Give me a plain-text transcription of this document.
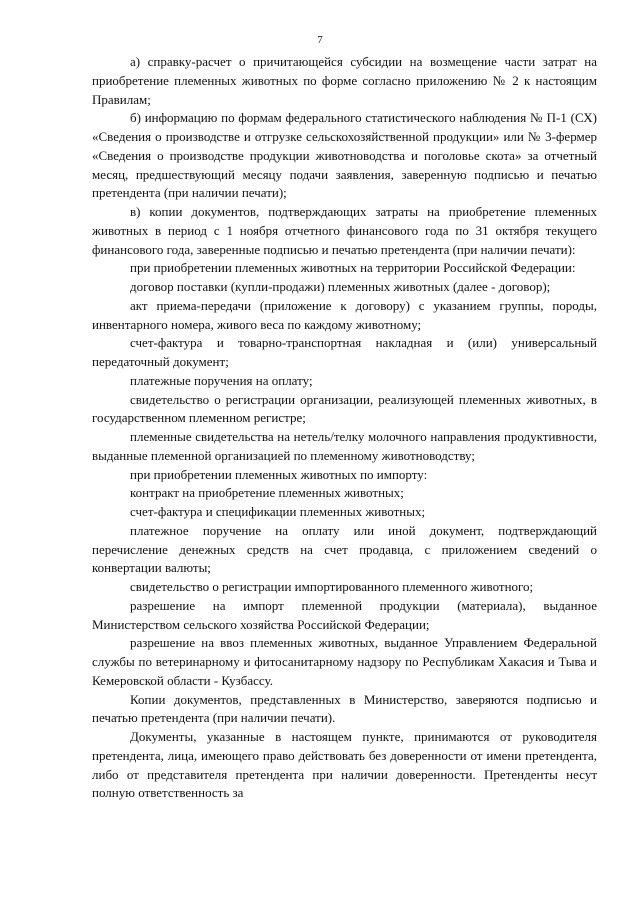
7

а) справку-расчет о причитающейся субсидии на возмещение части затрат на приобретение племенных животных по форме согласно приложению № 2 к настоящим Правилам;

б) информацию по формам федерального статистического наблюдения № П-1 (СХ) «Сведения о производстве и отгрузке сельскохозяйственной продукции» или № 3-фермер «Сведения о производстве продукции животноводства и поголовье скота» за отчетный месяц, предшествующий месяцу подачи заявления, заверенную подписью и печатью претендента (при наличии печати);

в) копии документов, подтверждающих затраты на приобретение племенных животных в период с 1 ноября отчетного финансового года по 31 октября текущего финансового года, заверенные подписью и печатью претендента (при наличии печати):

при приобретении племенных животных на территории Российской Федерации:

договор поставки (купли-продажи) племенных животных (далее - договор);

акт приема-передачи (приложение к договору) с указанием группы, породы, инвентарного номера, живого веса по каждому животному;

счет-фактура и товарно-транспортная накладная и (или) универсальный передаточный документ;

платежные поручения на оплату;

свидетельство о регистрации организации, реализующей племенных животных, в государственном племенном регистре;

племенные свидетельства на нетель/телку молочного направления продуктивности, выданные племенной организацией по племенному животноводству;

при приобретении племенных животных по импорту:

контракт на приобретение племенных животных;

счет-фактура и спецификации племенных животных;

платежное поручение на оплату или иной документ, подтверждающий перечисление денежных средств на счет продавца, с приложением сведений о конвертации валюты;

свидетельство о регистрации импортированного племенного животного;

разрешение на импорт племенной продукции (материала), выданное Министерством сельского хозяйства Российской Федерации;

разрешение на ввоз племенных животных, выданное Управлением Федеральной службы по ветеринарному и фитосанитарному надзору по Республикам Хакасия и Тыва и Кемеровской области - Кузбассу.

Копии документов, представленных в Министерство, заверяются подписью и печатью претендента (при наличии печати).

Документы, указанные в настоящем пункте, принимаются от руководителя претендента, лица, имеющего право действовать без доверенности от имени претендента, либо от представителя претендента при наличии доверенности. Претенденты несут полную ответственность за
